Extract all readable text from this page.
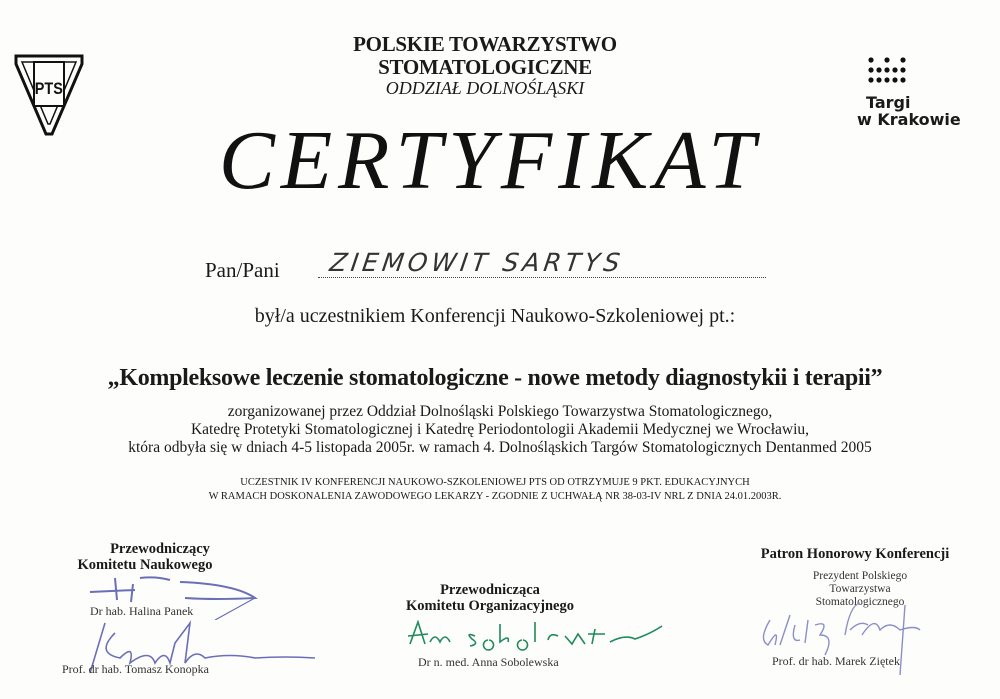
PTS
POLSKIE TOWARZYSTWO
STOMATOLOGICZNE
ODDZIAŁ DOLNOŚLĄSKI
Targi
w Krakowie
CERTYFIKAT
Pan/Pani ZIEMOWIT SARTYS
był/a uczestnikiem Konferencji Naukowo-Szkoleniowej pt.:
„Kompleksowe leczenie stomatologiczne - nowe metody diagnostykii i terapii”
zorganizowanej przez Oddział Dolnośląski Polskiego Towarzystwa Stomatologicznego,
Katedrę Protetyki Stomatologicznej i Katedrę Periodontologii Akademii Medycznej we Wrocławiu,
która odbyła się w dniach 4-5 listopada 2005r. w ramach 4. Dolnośląskich Targów Stomatologicznych Dentanmed 2005
UCZESTNIK IV KONFERENCJI NAUKOWO-SZKOLENIOWEJ PTS OD OTRZYMUJE 9 PKT. EDUKACYJNYCH
W RAMACH DOSKONALENIA ZAWODOWEGO LEKARZY - ZGODNIE Z UCHWAŁĄ NR 38-03-IV NRL Z DNIA 24.01.2003R.
Przewodniczący
Komitetu Naukowego
Dr hab. Halina Panek
Prof. dr hab. Tomasz Konopka
Przewodnicząca
Komitetu Organizacyjnego
Dr n. med. Anna Sobolewska
Patron Honorowy Konferencji
Prezydent Polskiego
Towarzystwa
Stomatologicznego
Prof. dr hab. Marek Ziętek
